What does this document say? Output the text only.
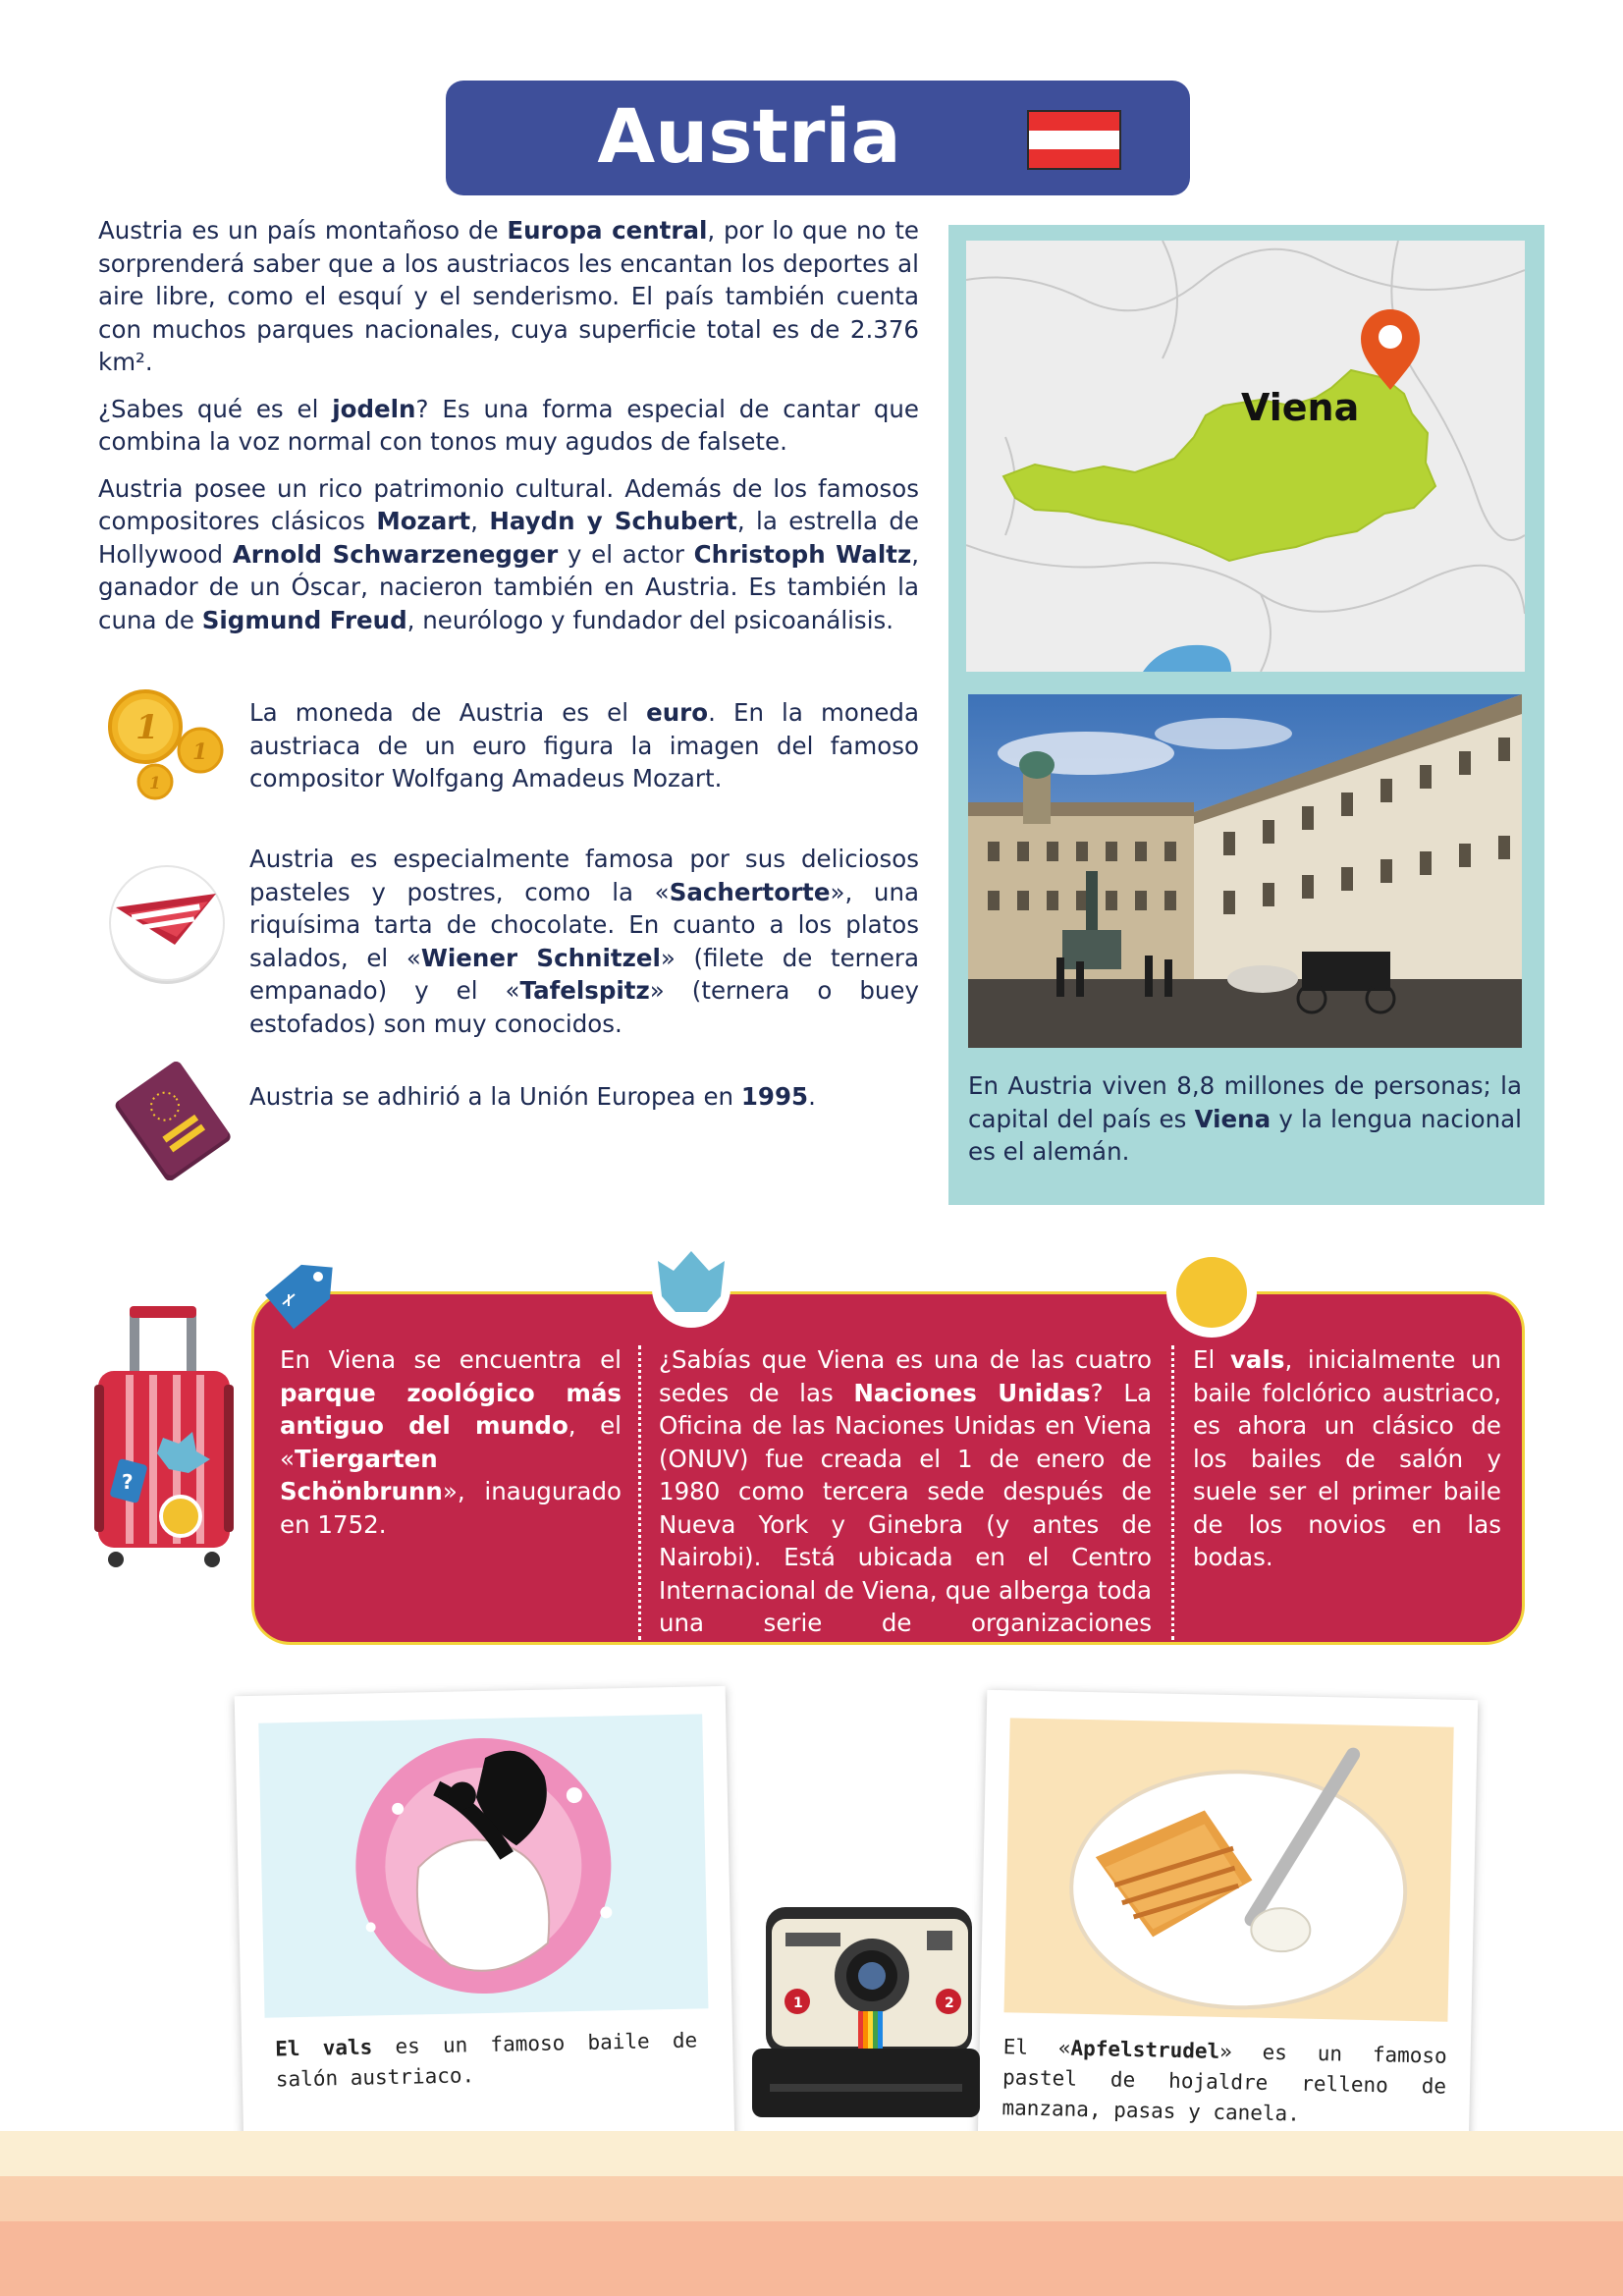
Austria

Austria es un país montañoso de Europa central, por lo que no te sorprenderá saber que a los austriacos les encantan los deportes al aire libre, como el esquí y el senderismo. El país también cuenta con muchos parques nacionales, cuya superficie total es de 2.376 km².

¿Sabes qué es el jodeln? Es una forma especial de cantar que combina la voz normal con tonos muy agudos de falsete.

Austria posee un rico patrimonio cultural. Además de los famosos compositores clásicos Mozart, Haydn y Schubert, la estrella de Hollywood Arnold Schwarzenegger y el actor Christoph Waltz, ganador de un Óscar, nacieron también en Austria. Es también la cuna de Sigmund Freud, neurólogo y fundador del psicoanálisis.

1
1
1
La moneda de Austria es el euro. En la moneda austriaca de un euro figura la imagen del famoso compositor Wolfgang Amadeus Mozart.
Austria es especialmente famosa por sus deliciosos pasteles y postres, como la «Sachertorte», una riquísima tarta de chocolate. En cuanto a los platos salados, el «Wiener Schnitzel» (filete de ternera empanado) y el «Tafelspitz» (ternera o buey estofados) son muy conocidos.
Austria se adhirió a la Unión Europea en 1995.
Viena
En Austria viven 8,8 millones de personas; la capital del país es Viena y la lengua nacional es el alemán.
?
En Viena se encuentra el parque zoológico más antiguo del mundo, el «Tiergarten Schönbrunn», inaugurado en 1752.
¿Sabías que Viena es una de las cuatro sedes de las Naciones Unidas? La Oficina de las Naciones Unidas en Viena (ONUV) fue creada el 1 de enero de 1980 como tercera sede después de Nueva York y Ginebra (y antes de Nairobi). Está ubicada en el Centro Internacional de Viena, que alberga toda una serie de organizaciones internacionales.
El vals, inicialmente un baile folclórico austriaco, es ahora un clásico de los bailes de salón y suele ser el primer baile de los novios en las bodas.
El vals es un famoso baile de salón austriaco.
El «Apfelstrudel» es un famoso pastel de hojaldre relleno de manzana, pasas y canela.
1	2
